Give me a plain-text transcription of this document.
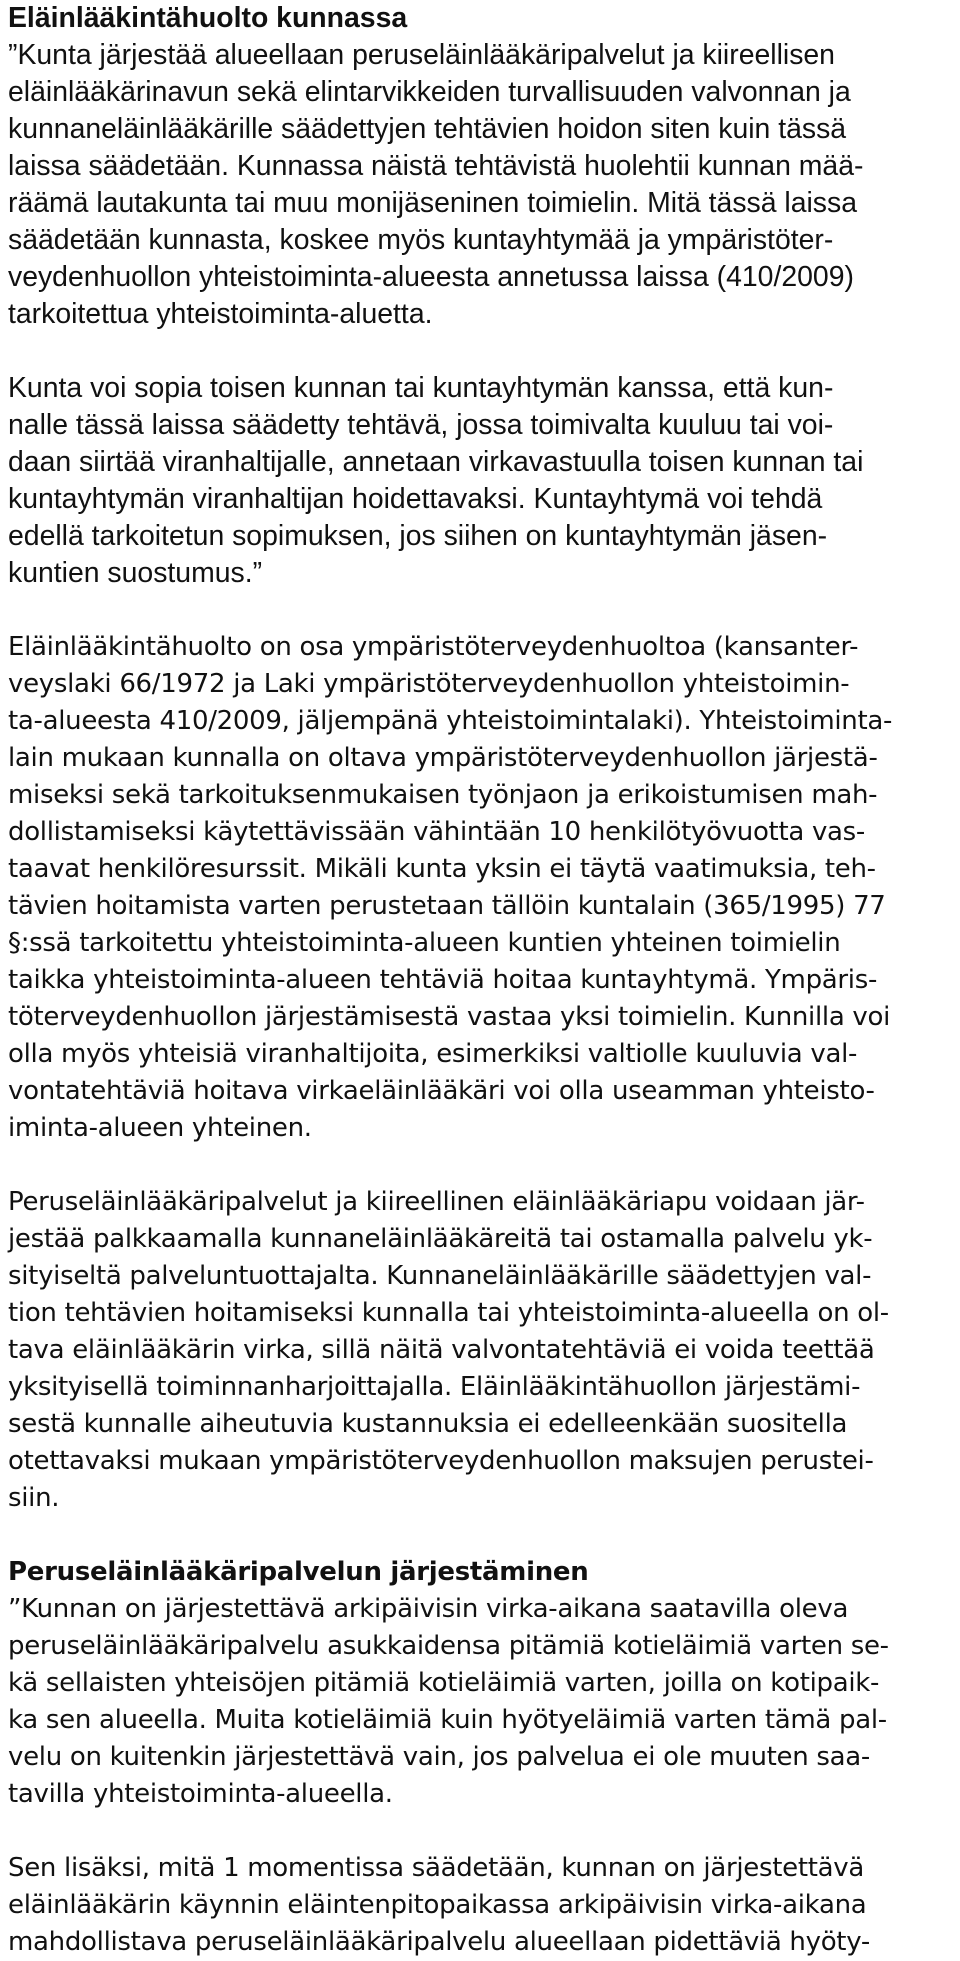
Eläinlääkintähuolto kunnassa
”Kunta järjestää alueellaan peruseläinlääkäripalvelut ja kiireellisen
eläinlääkärinavun sekä elintarvikkeiden turvallisuuden valvonnan ja
kunnaneläinlääkärille säädettyjen tehtävien hoidon siten kuin tässä
laissa säädetään. Kunnassa näistä tehtävistä huolehtii kunnan mää-
räämä lautakunta tai muu monijäseninen toimielin. Mitä tässä laissa
säädetään kunnasta, koskee myös kuntayhtymää ja ympäristöter-
veydenhuollon yhteistoiminta-alueesta annetussa laissa (410/2009)
tarkoitettua yhteistoiminta-aluetta.
Kunta voi sopia toisen kunnan tai kuntayhtymän kanssa, että kun-
nalle tässä laissa säädetty tehtävä, jossa toimivalta kuuluu tai voi-
daan siirtää viranhaltijalle, annetaan virkavastuulla toisen kunnan tai
kuntayhtymän viranhaltijan hoidettavaksi. Kuntayhtymä voi tehdä
edellä tarkoitetun sopimuksen, jos siihen on kuntayhtymän jäsen-
kuntien suostumus.”
Eläinlääkintähuolto on osa ympäristöterveydenhuoltoa (kansanter-
veyslaki 66/1972 ja Laki ympäristöterveydenhuollon yhteistoimin-
ta-alueesta 410/2009, jäljempänä yhteistoimintalaki). Yhteistoiminta-
lain mukaan kunnalla on oltava ympäristöterveydenhuollon järjestä-
miseksi sekä tarkoituksenmukaisen työnjaon ja erikoistumisen mah-
dollistamiseksi käytettävissään vähintään 10 henkilötyövuotta vas-
taavat henkilöresurssit. Mikäli kunta yksin ei täytä vaatimuksia, teh-
tävien hoitamista varten perustetaan tällöin kuntalain (365/1995) 77
§:ssä tarkoitettu yhteistoiminta-alueen kuntien yhteinen toimielin
taikka yhteistoiminta-alueen tehtäviä hoitaa kuntayhtymä. Ympäris-
töterveydenhuollon järjestämisestä vastaa yksi toimielin. Kunnilla voi
olla myös yhteisiä viranhaltijoita, esimerkiksi valtiolle kuuluvia val-
vontatehtäviä hoitava virkaeläinlääkäri voi olla useamman yhteisto-
iminta-alueen yhteinen.
Peruseläinlääkäripalvelut ja kiireellinen eläinlääkäriapu voidaan jär-
jestää palkkaamalla kunnaneläinlääkäreitä tai ostamalla palvelu yk-
sityiseltä palveluntuottajalta. Kunnaneläinlääkärille säädettyjen val-
tion tehtävien hoitamiseksi kunnalla tai yhteistoiminta-alueella on ol-
tava eläinlääkärin virka, sillä näitä valvontatehtäviä ei voida teettää
yksityisellä toiminnanharjoittajalla. Eläinlääkintähuollon järjestämi-
sestä kunnalle aiheutuvia kustannuksia ei edelleenkään suositella
otettavaksi mukaan ympäristöterveydenhuollon maksujen perustei-
siin.
Peruseläinlääkäripalvelun järjestäminen
”Kunnan on järjestettävä arkipäivisin virka-aikana saatavilla oleva
peruseläinlääkäripalvelu asukkaidensa pitämiä kotieläimiä varten se-
kä sellaisten yhteisöjen pitämiä kotieläimiä varten, joilla on kotipaik-
ka sen alueella. Muita kotieläimiä kuin hyötyeläimiä varten tämä pal-
velu on kuitenkin järjestettävä vain, jos palvelua ei ole muuten saa-
tavilla yhteistoiminta-alueella.
Sen lisäksi, mitä 1 momentissa säädetään, kunnan on järjestettävä
eläinlääkärin käynnin eläintenpitopaikassa arkipäivisin virka-aikana
mahdollistava peruseläinlääkäripalvelu alueellaan pidettäviä hyöty-
